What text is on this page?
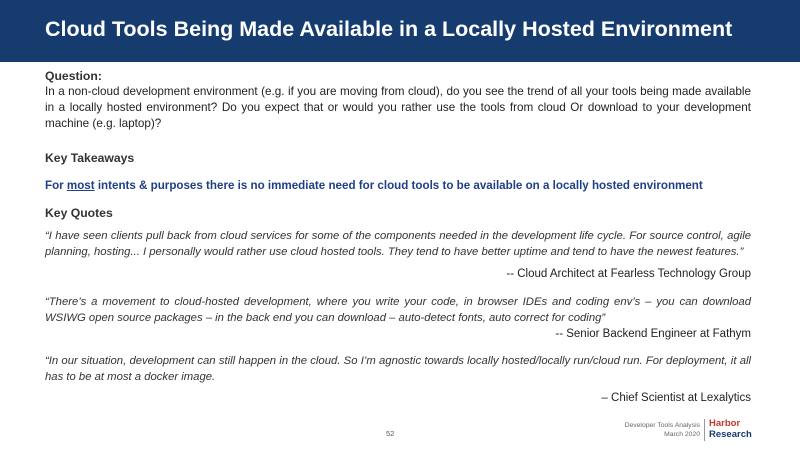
Cloud Tools Being Made Available in a Locally Hosted Environment

Question:

In a non-cloud development environment (e.g. if you are moving from cloud), do you see the trend of all your tools being made available in a locally hosted environment? Do you expect that or would you rather use the tools from cloud Or download to your development machine (e.g. laptop)?

Key Takeaways

For most intents & purposes there is no immediate need for cloud tools to be available on a locally hosted environment

Key Quotes

“I have seen clients pull back from cloud services for some of the components needed in the development life cycle. For source control, agile planning, hosting... I personally would rather use cloud hosted tools. They tend to have better uptime and tend to have the newest features.”

-- Cloud Architect at Fearless Technology Group

“There’s a movement to cloud-hosted development, where you write your code, in browser IDEs and coding env’s – you can download WSIWG open source packages – in the back end you can download – auto-detect fonts, auto correct for coding”

-- Senior Backend Engineer at Fathym

“In our situation, development can still happen in the cloud. So I’m agnostic towards locally hosted/locally run/cloud run. For deployment, it all has to be at most a docker image.

– Chief Scientist at Lexalytics

52
Developer Tools Analysis
March 2020
Harbor
Research
